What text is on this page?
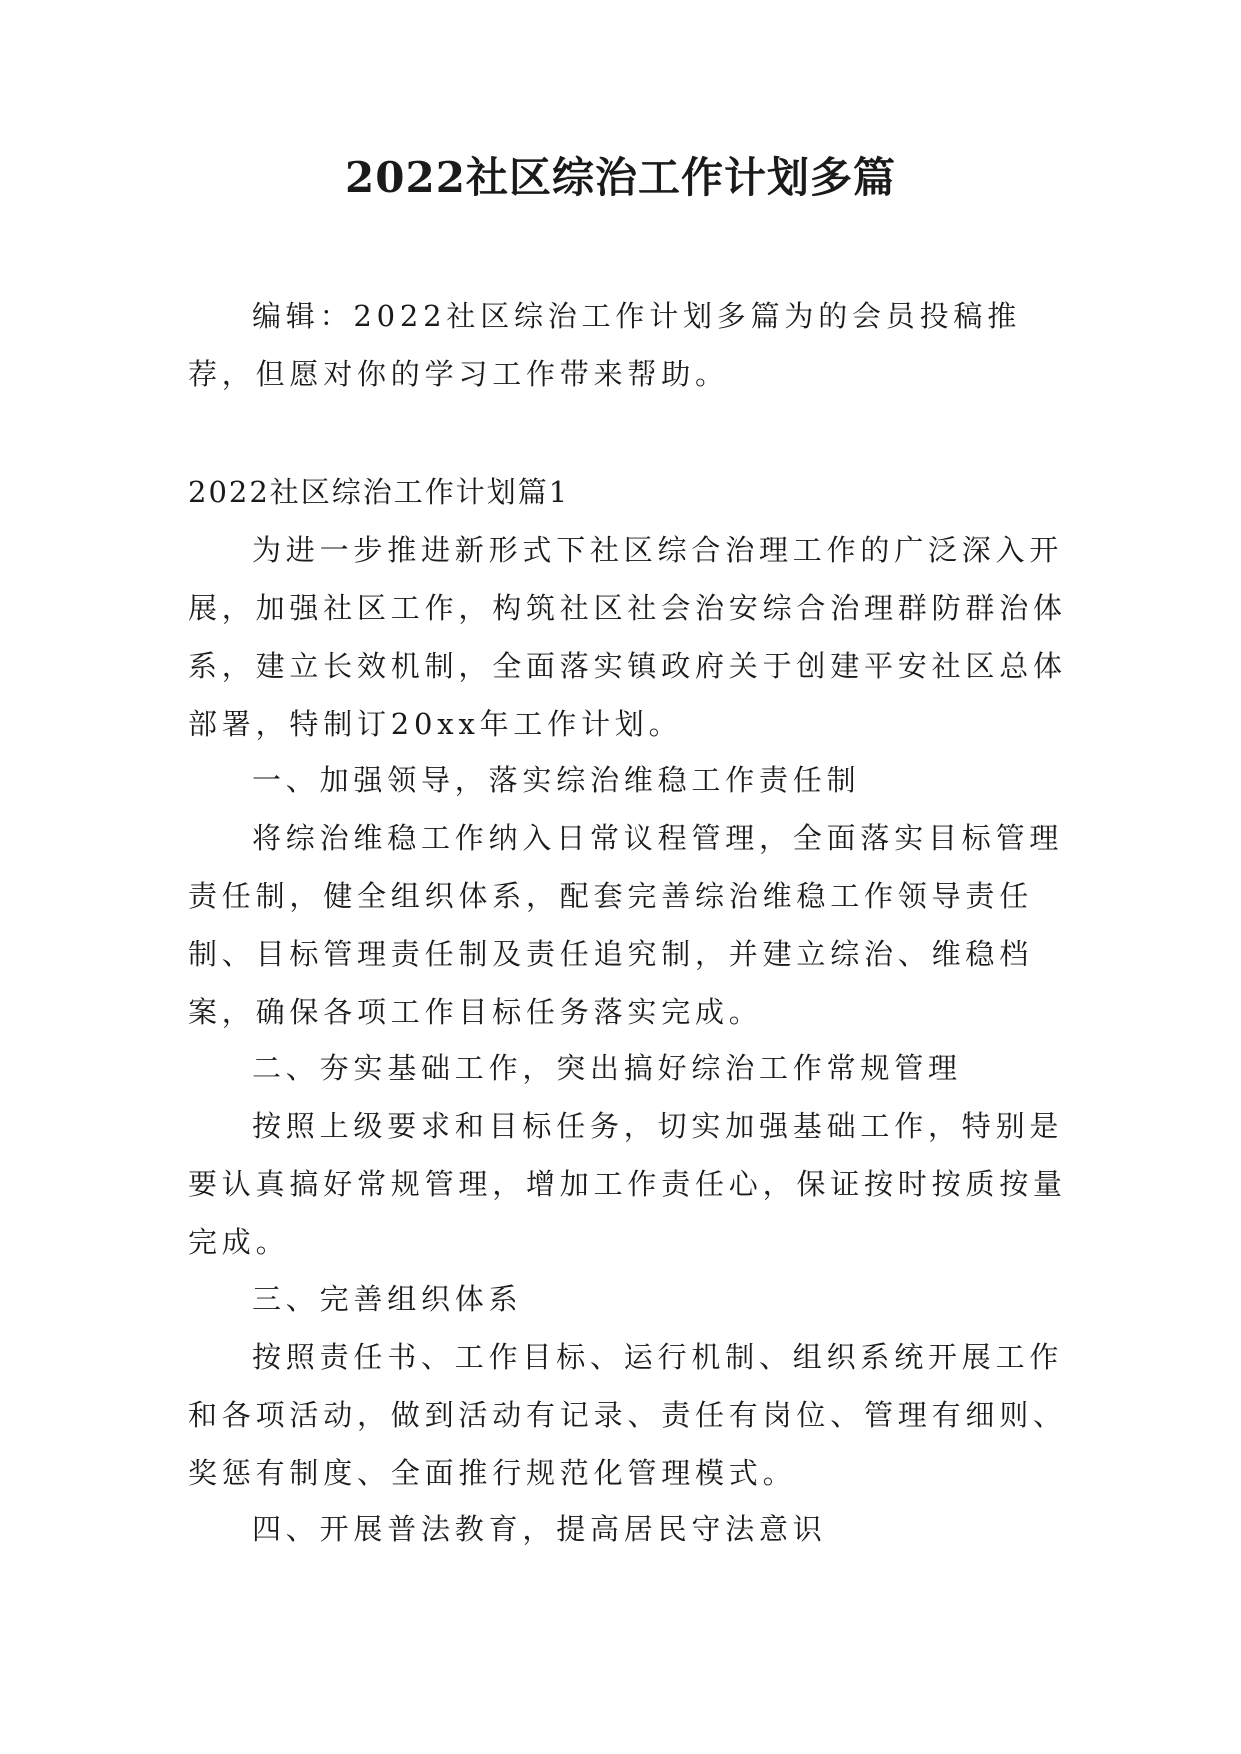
2022社区综治工作计划多篇
编辑：2022社区综治工作计划多篇为的会员投稿推荐，但愿对你的学习工作带来帮助。
2022社区综治工作计划篇1
为进一步推进新形式下社区综合治理工作的广泛深入开展，加强社区工作，构筑社区社会治安综合治理群防群治体系，建立长效机制，全面落实镇政府关于创建平安社区总体部署，特制订20xx年工作计划。
一、加强领导，落实综治维稳工作责任制
将综治维稳工作纳入日常议程管理，全面落实目标管理责任制，健全组织体系，配套完善综治维稳工作领导责任制、目标管理责任制及责任追究制，并建立综治、维稳档案，确保各项工作目标任务落实完成。
二、夯实基础工作，突出搞好综治工作常规管理
按照上级要求和目标任务，切实加强基础工作，特别是要认真搞好常规管理，增加工作责任心，保证按时按质按量完成。
三、完善组织体系
按照责任书、工作目标、运行机制、组织系统开展工作和各项活动，做到活动有记录、责任有岗位、管理有细则、奖惩有制度、全面推行规范化管理模式。
四、开展普法教育，提高居民守法意识
